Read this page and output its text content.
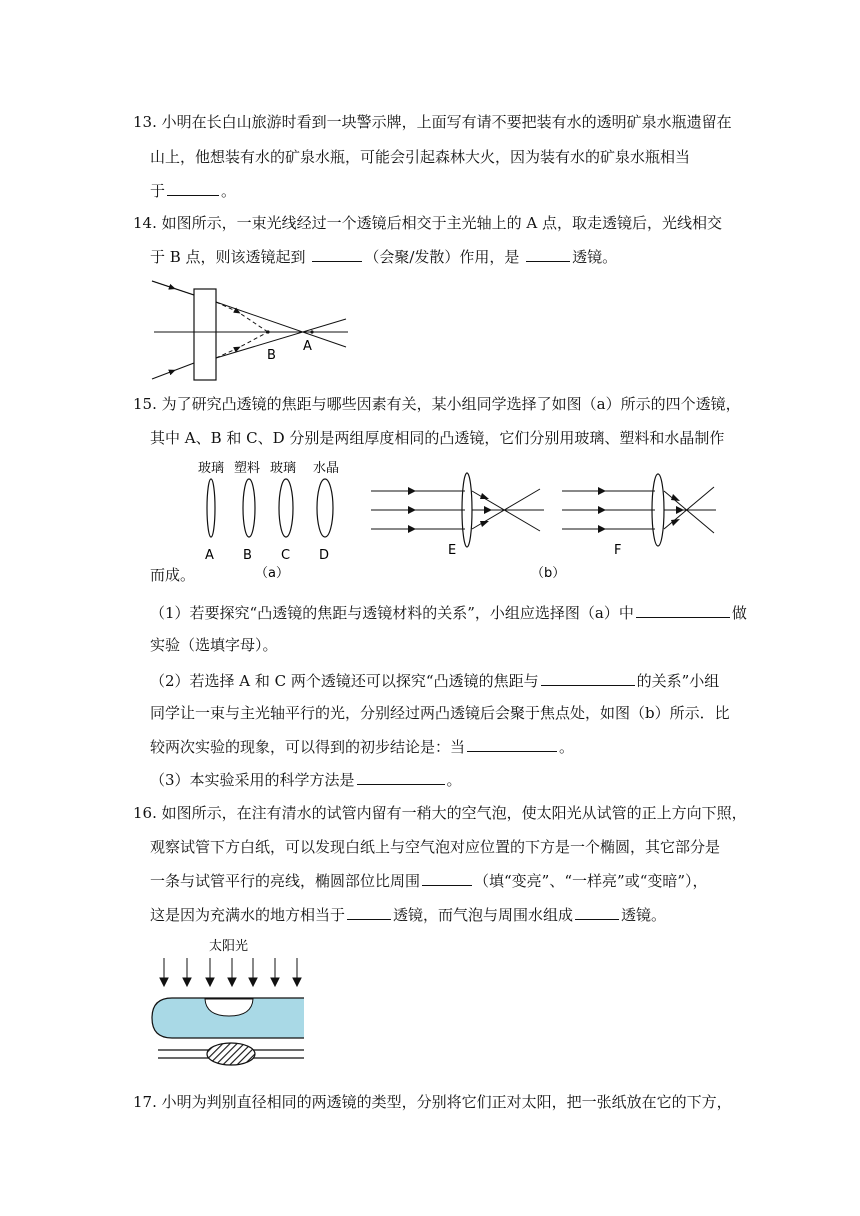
13. 小明在长白山旅游时看到一块警示牌，上面写有请不要把装有水的透明矿泉水瓶遗留在
山上，他想装有水的矿泉水瓶，可能会引起森林大火，因为装有水的矿泉水瓶相当
于	。
14. 如图所示，一束光线经过一个透镜后相交于主光轴上的 A 点，取走透镜后，光线相交
于 B 点，则该透镜起到	（会聚/发散）作用，是	透镜。
B
A
15. 为了研究凸透镜的焦距与哪些因素有关，某小组同学选择了如图（a）所示的四个透镜，
其中 A、B 和 C、D 分别是两组厚度相同的凸透镜，它们分别用玻璃、塑料和水晶制作
玻璃 塑料 玻璃 水晶
A B C D
（a）
E	F
（b）
而成。
（1）若要探究“凸透镜的焦距与透镜材料的关系”，小组应选择图（a）中	做
实验（选填字母）。
（2）若选择 A 和 C 两个透镜还可以探究“凸透镜的焦距与	的关系”小组
同学让一束与主光轴平行的光，分别经过两凸透镜后会聚于焦点处，如图（b）所示．比
较两次实验的现象，可以得到的初步结论是：当	。
（3）本实验采用的科学方法是	。
16. 如图所示，在注有清水的试管内留有一稍大的空气泡，使太阳光从试管的正上方向下照，
观察试管下方白纸，可以发现白纸上与空气泡对应位置的下方是一个椭圆，其它部分是
一条与试管平行的亮线，椭圆部位比周围	（填“变亮”、“一样亮”或“变暗”），
这是因为充满水的地方相当于	透镜，而气泡与周围水组成	透镜。
太阳光
17. 小明为判别直径相同的两透镜的类型，分别将它们正对太阳，把一张纸放在它的下方，
